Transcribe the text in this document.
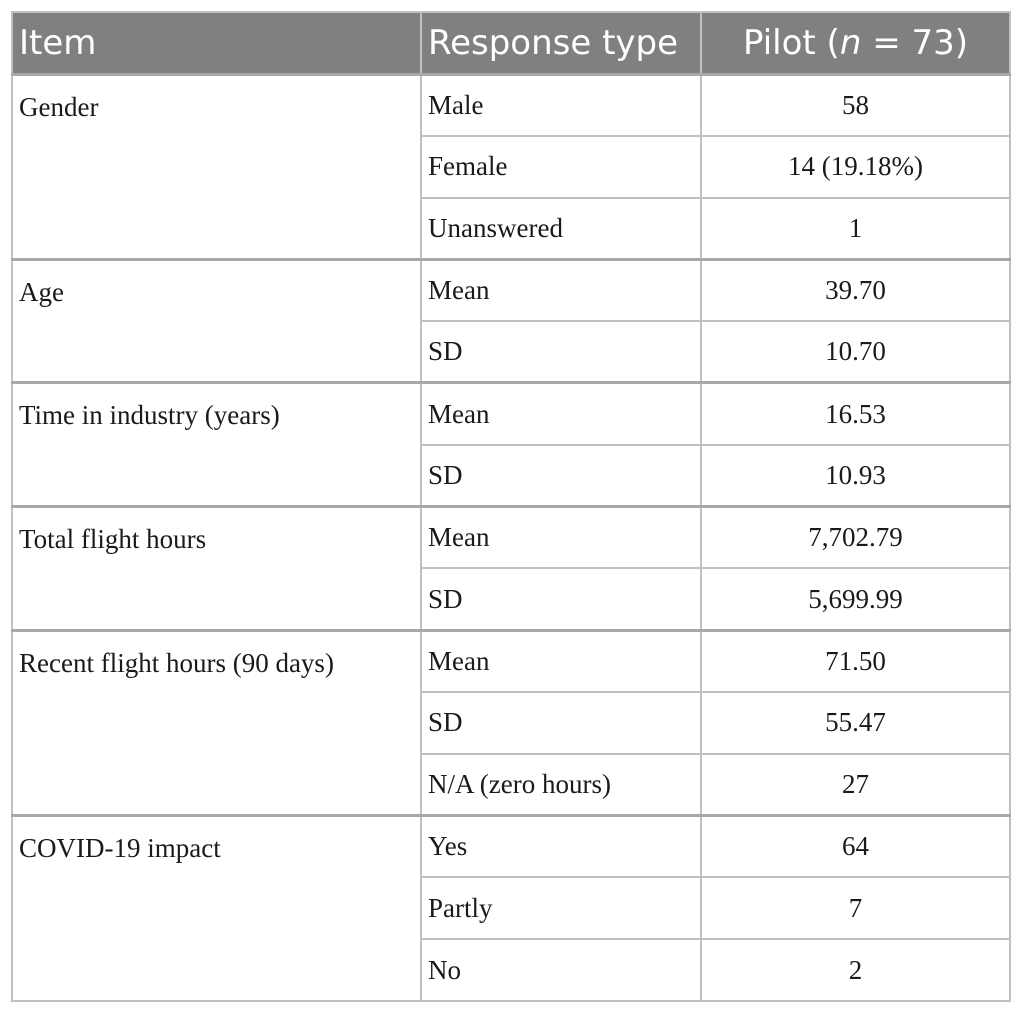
Item	Response type	Pilot (n = 73)
Gender	Male	58
	Female	14 (19.18%)
	Unanswered	1
Age	Mean	39.70
	SD	10.70
Time in industry (years)	Mean	16.53
	SD	10.93
Total flight hours	Mean	7,702.79
	SD	5,699.99
Recent flight hours (90 days)	Mean	71.50
	SD	55.47
	N/A (zero hours)	27
COVID-19 impact	Yes	64
	Partly	7
	No	2
